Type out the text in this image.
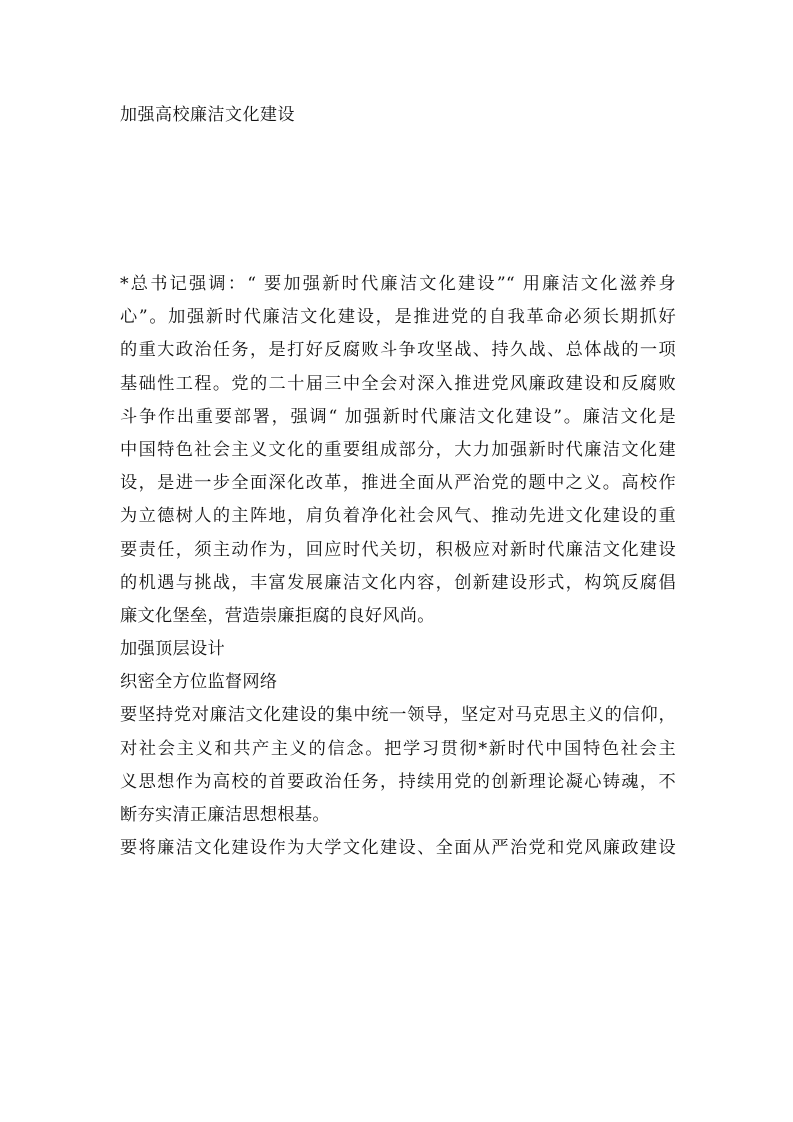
加强高校廉洁文化建设
*总书记强调：“ 要加强新时代廉洁文化建设”“ 用廉洁文化滋养身
心”。加强新时代廉洁文化建设，是推进党的自我革命必须长期抓好
的重大政治任务，是打好反腐败斗争攻坚战、持久战、总体战的一项
基础性工程。党的二十届三中全会对深入推进党风廉政建设和反腐败
斗争作出重要部署，强调“ 加强新时代廉洁文化建设”。廉洁文化是
中国特色社会主义文化的重要组成部分，大力加强新时代廉洁文化建
设，是进一步全面深化改革，推进全面从严治党的题中之义。高校作
为立德树人的主阵地，肩负着净化社会风气、推动先进文化建设的重
要责任，须主动作为，回应时代关切，积极应对新时代廉洁文化建设
的机遇与挑战，丰富发展廉洁文化内容，创新建设形式，构筑反腐倡
廉文化堡垒，营造崇廉拒腐的良好风尚。
加强顶层设计
织密全方位监督网络
要坚持党对廉洁文化建设的集中统一领导，坚定对马克思主义的信仰，
对社会主义和共产主义的信念。把学习贯彻*新时代中国特色社会主
义思想作为高校的首要政治任务，持续用党的创新理论凝心铸魂，不
断夯实清正廉洁思想根基。
要将廉洁文化建设作为大学文化建设、全面从严治党和党风廉政建设
